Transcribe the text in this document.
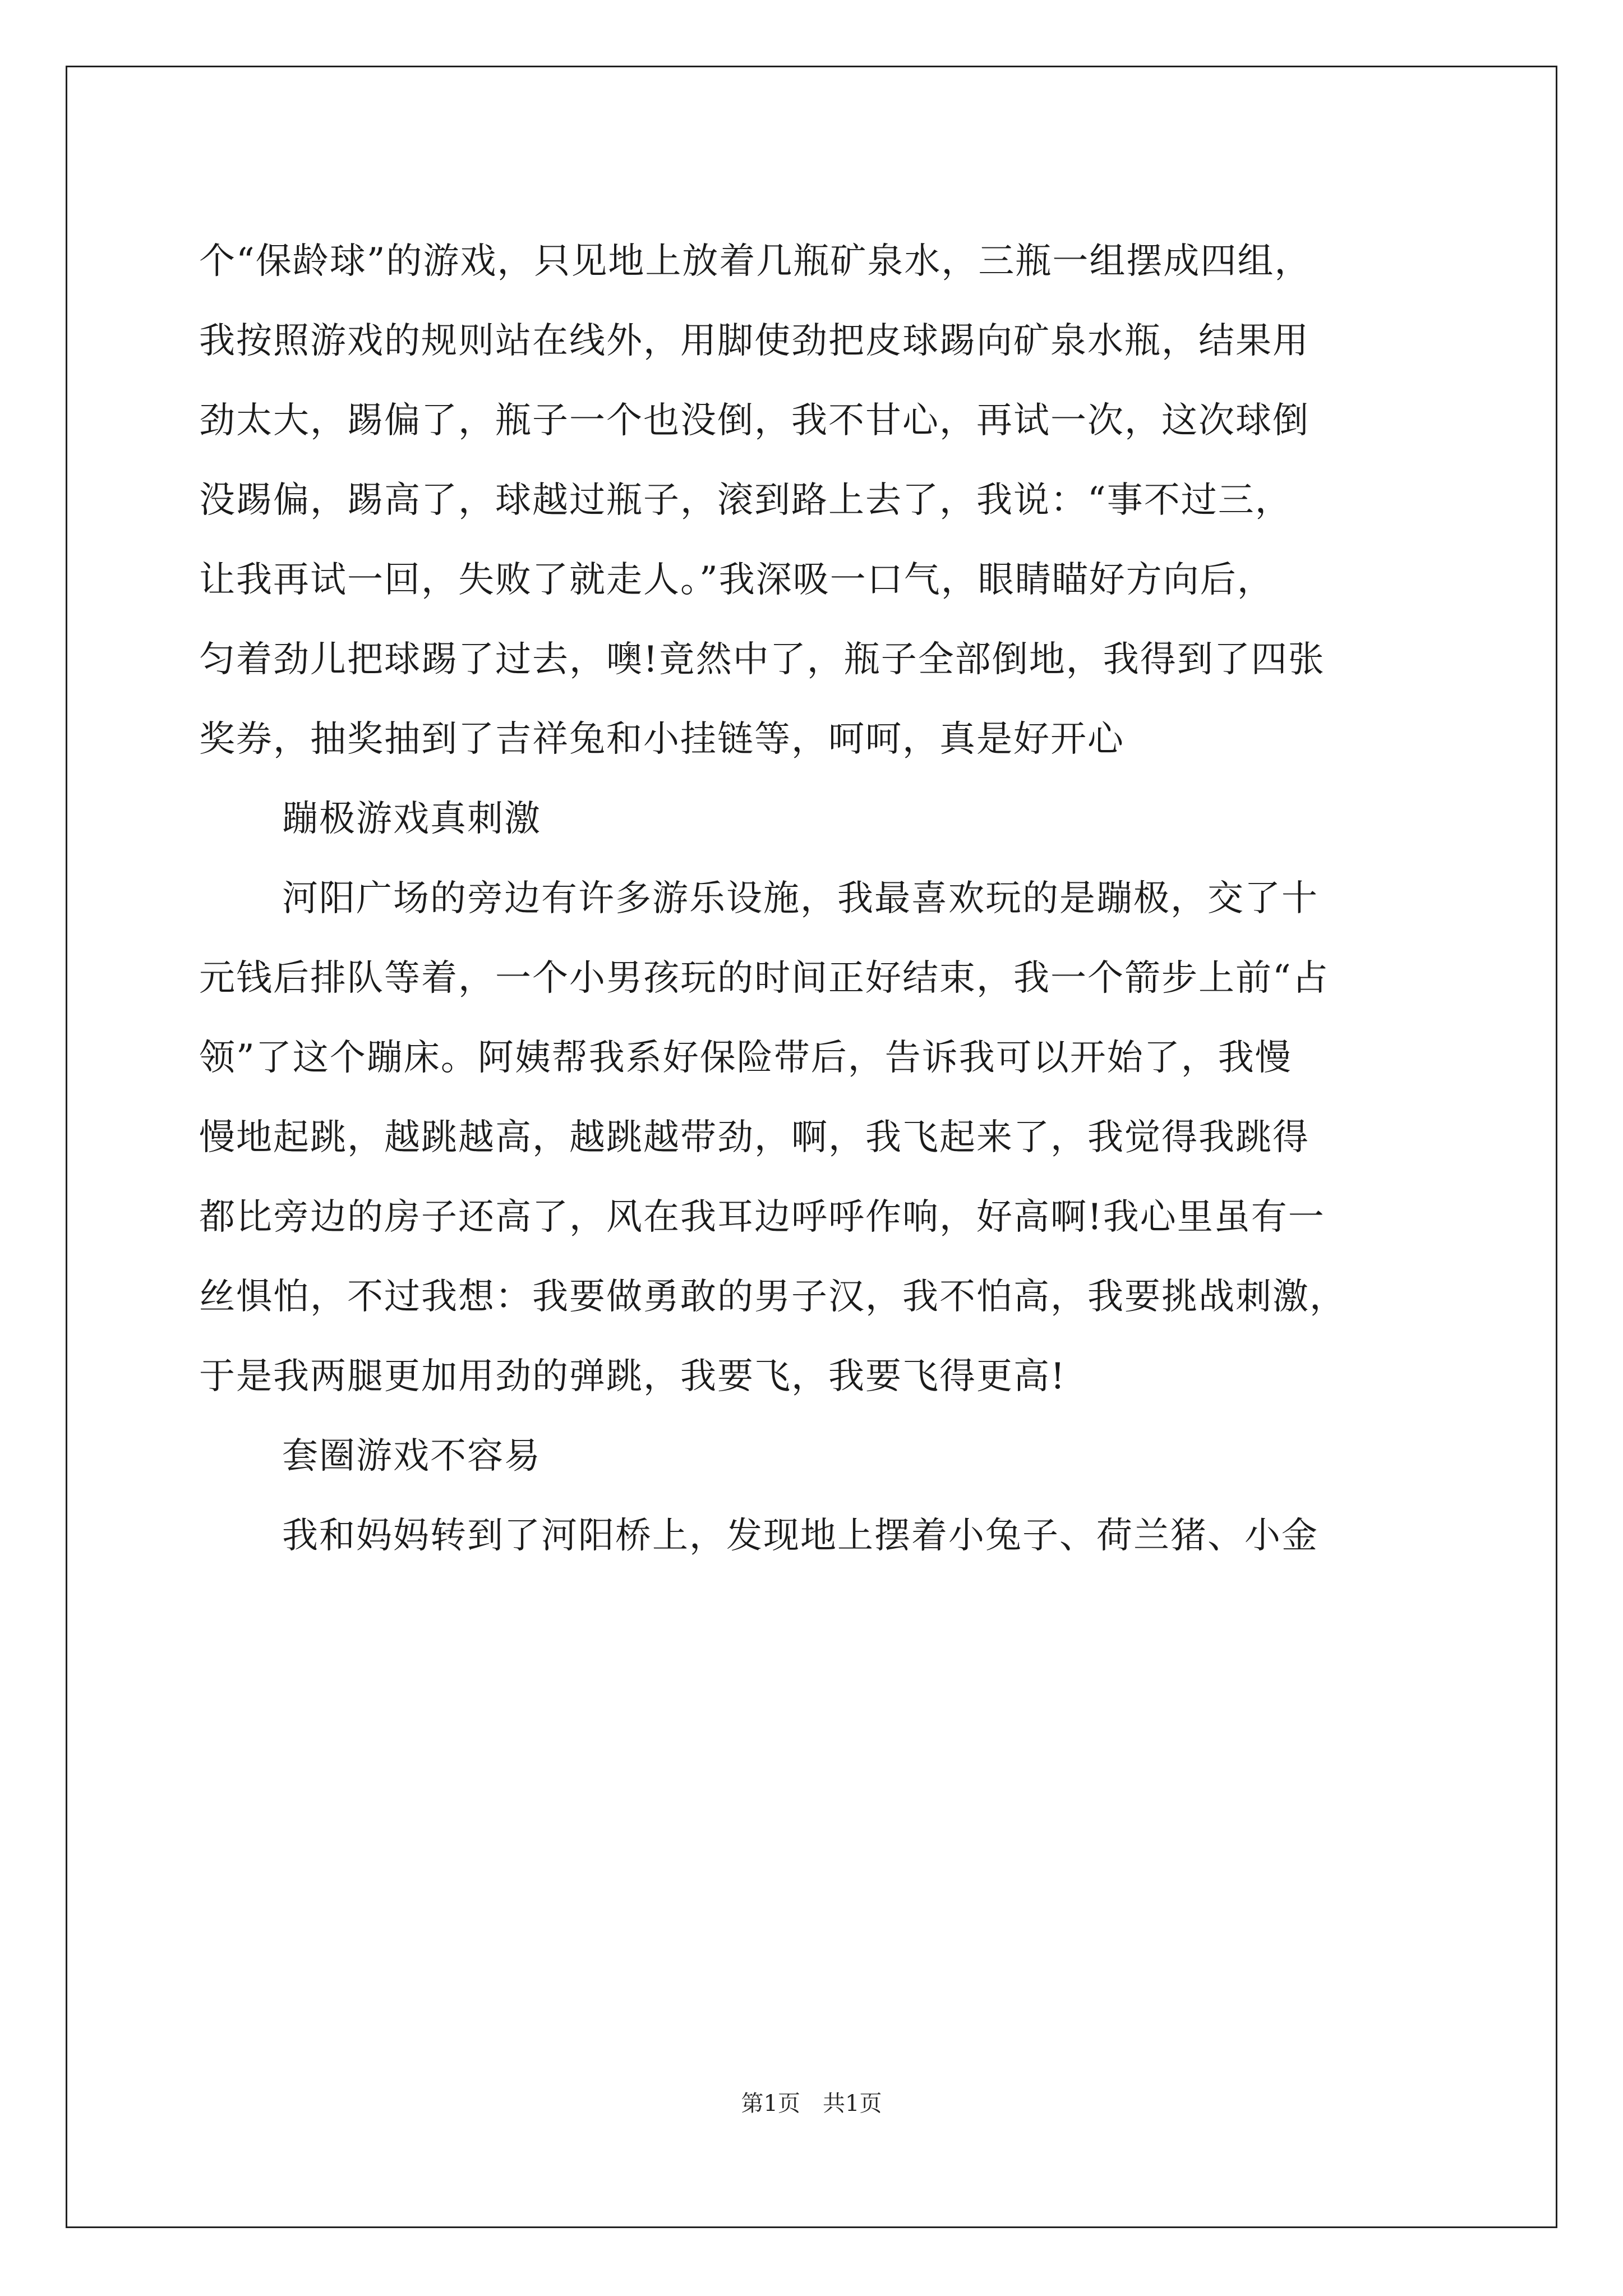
个“保龄球”的游戏，只见地上放着几瓶矿泉水，三瓶一组摆成四组，
我按照游戏的规则站在线外，用脚使劲把皮球踢向矿泉水瓶，结果用
劲太大，踢偏了，瓶子一个也没倒，我不甘心，再试一次，这次球倒
没踢偏，踢高了，球越过瓶子，滚到路上去了，我说：“事不过三，
让我再试一回，失败了就走人。”我深吸一口气，眼睛瞄好方向后，
匀着劲儿把球踢了过去，噢!竟然中了，瓶子全部倒地，我得到了四张
奖券，抽奖抽到了吉祥兔和小挂链等，呵呵，真是好开心
蹦极游戏真刺激
河阳广场的旁边有许多游乐设施，我最喜欢玩的是蹦极，交了十
元钱后排队等着，一个小男孩玩的时间正好结束，我一个箭步上前“占
领”了这个蹦床。阿姨帮我系好保险带后，告诉我可以开始了，我慢
慢地起跳，越跳越高，越跳越带劲，啊，我飞起来了，我觉得我跳得
都比旁边的房子还高了，风在我耳边呼呼作响，好高啊!我心里虽有一
丝惧怕，不过我想：我要做勇敢的男子汉，我不怕高，我要挑战刺激，
于是我两腿更加用劲的弹跳，我要飞，我要飞得更高!
套圈游戏不容易
我和妈妈转到了河阳桥上，发现地上摆着小兔子、荷兰猪、小金
第1页 共1页
